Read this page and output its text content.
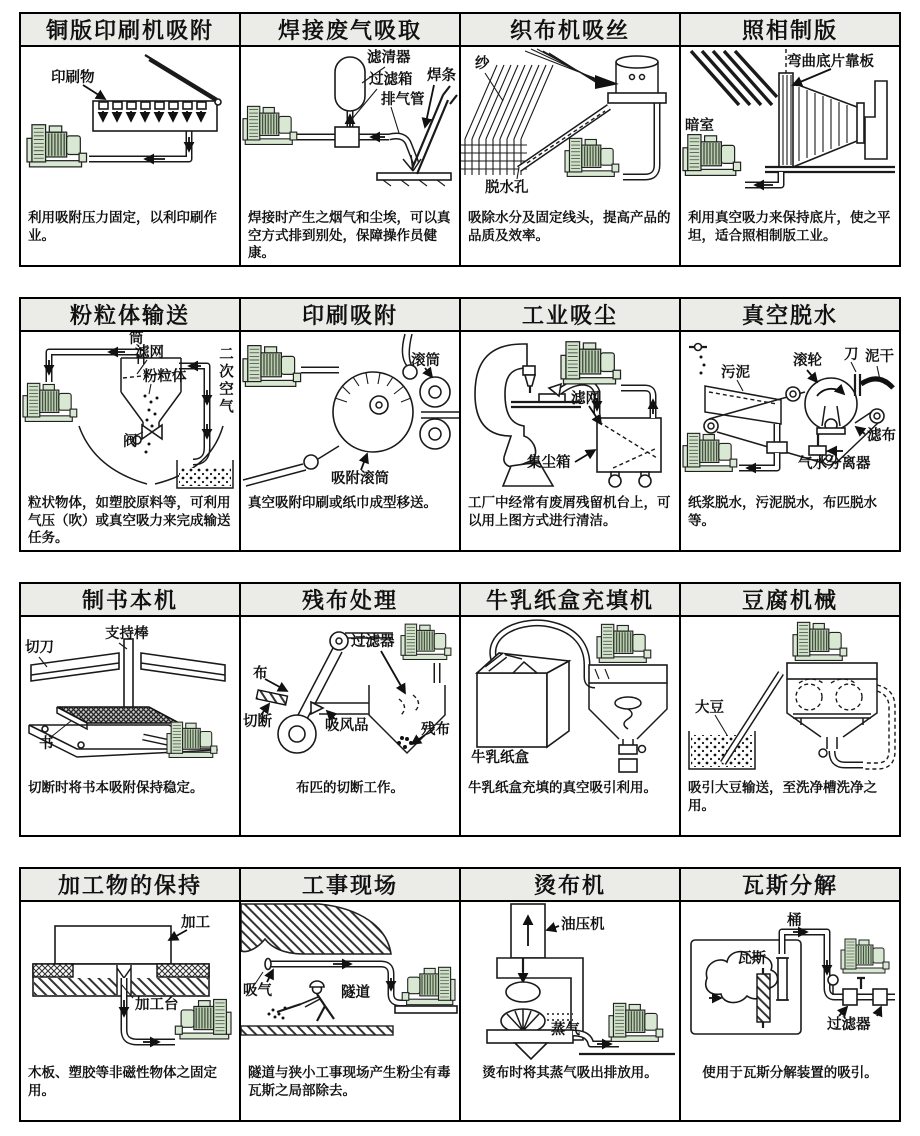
铜版印刷机吸附
印刷物
利用吸附压力固定，以利印刷作业。
焊接废气吸取
滤清器
过滤箱
排气管
焊条
焊接时产生之烟气和尘埃，可以真空方式排到别处，保障操作员健康。
织布机吸丝
纱
脱水孔
吸除水分及固定线头，提高产品的品质及效率。
照相制版
弯曲底片靠板
暗室
利用真空吸力来保持底片，使之平坦，适合照相制版工业。
粉粒体输送
筒
滤网
粉粒体 二次空气
阀
粒状物体，如塑胶原料等，可利用气压（吹）或真空吸力来完成输送任务。
印刷吸附
滚筒
吸附滚筒
真空吸附印刷或纸巾成型移送。
工业吸尘
滤网
集尘箱
工厂中经常有废屑残留机台上，可以用上图方式进行清洁。
真空脱水
滚轮 刀 泥干
污泥
滤布
气水分离器
纸浆脱水，污泥脱水，布匹脱水等。
制书本机
切刀
支持棒
书
切断时将书本吸附保持稳定。
残布处理
布
过滤器
切断	吸风品	残布
布匹的切断工作。
牛乳纸盒充填机
牛乳纸盒
牛乳纸盒充填的真空吸引利用。
豆腐机械
大豆
吸引大豆输送，至洗净槽洗净之用。
加工物的保持
加工
加工台
木板、塑胶等非磁性物体之固定用。
工事现场
吸气	隧道
隧道与狭小工事现场产生粉尘有毒瓦斯之局部除去。
烫布机
油压机
蒸气
烫布时将其蒸气吸出排放用。
瓦斯分解
桶
瓦斯
过滤器
使用于瓦斯分解装置的吸引。
